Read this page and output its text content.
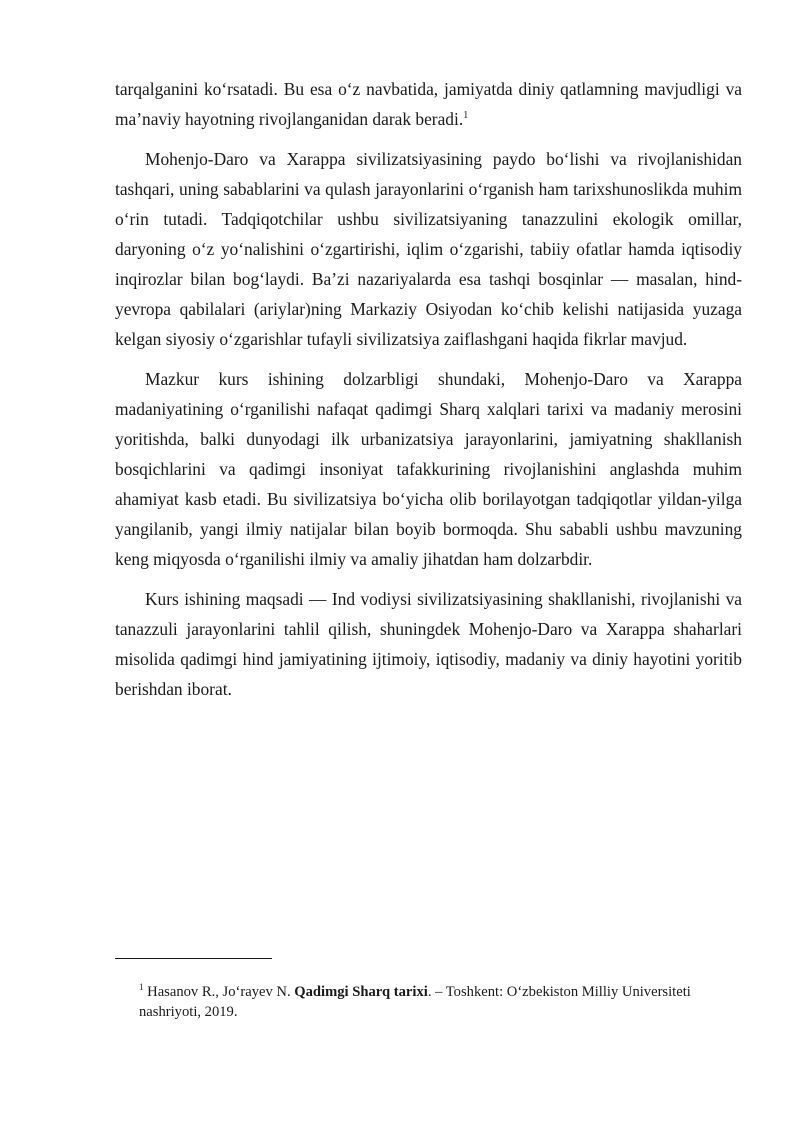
tarqalganini ko‘rsatadi. Bu esa o‘z navbatida, jamiyatda diniy qatlamning mavjudligi va ma’naviy hayotning rivojlanganidan darak beradi.$^1$

Mohenjo-Daro va Xarappa sivilizatsiyasining paydo bo‘lishi va rivojlanishidan tashqari, uning sabablarini va qulash jarayonlarini o‘rganish ham tarixshunoslikda muhim o‘rin tutadi. Tadqiqotchilar ushbu sivilizatsiyaning tanazzulini ekologik omillar, daryoning o‘z yo‘nalishini o‘zgartirishi, iqlim o‘zgarishi, tabiiy ofatlar hamda iqtisodiy inqirozlar bilan bog‘laydi. Ba’zi nazariyalarda esa tashqi bosqinlar — masalan, hind-yevropa qabilalari (ariylar)ning Markaziy Osiyodan ko‘chib kelishi natijasida yuzaga kelgan siyosiy o‘zgarishlar tufayli sivilizatsiya zaiflashgani haqida fikrlar mavjud.

Mazkur kurs ishining dolzarbligi shundaki, Mohenjo-Daro va Xarappa madaniyatining o‘rganilishi nafaqat qadimgi Sharq xalqlari tarixi va madaniy merosini yoritishda, balki dunyodagi ilk urbanizatsiya jarayonlarini, jamiyatning shakllanish bosqichlarini va qadimgi insoniyat tafakkurining rivojlanishini anglashda muhim ahamiyat kasb etadi. Bu sivilizatsiya bo‘yicha olib borilayotgan tadqiqotlar yildan-yilga yangilanib, yangi ilmiy natijalar bilan boyib bormoqda. Shu sababli ushbu mavzuning keng miqyosda o‘rganilishi ilmiy va amaliy jihatdan ham dolzarbdir.

Kurs ishining maqsadi — Ind vodiysi sivilizatsiyasining shakllanishi, rivojlanishi va tanazzuli jarayonlarini tahlil qilish, shuningdek Mohenjo-Daro va Xarappa shaharlari misolida qadimgi hind jamiyatining ijtimoiy, iqtisodiy, madaniy va diniy hayotini yoritib berishdan iborat.

$^1$ Hasanov R., Jo‘rayev N. Qadimgi Sharq tarixi. – Toshkent: O‘zbekiston Milliy Universiteti nashriyoti, 2019.
